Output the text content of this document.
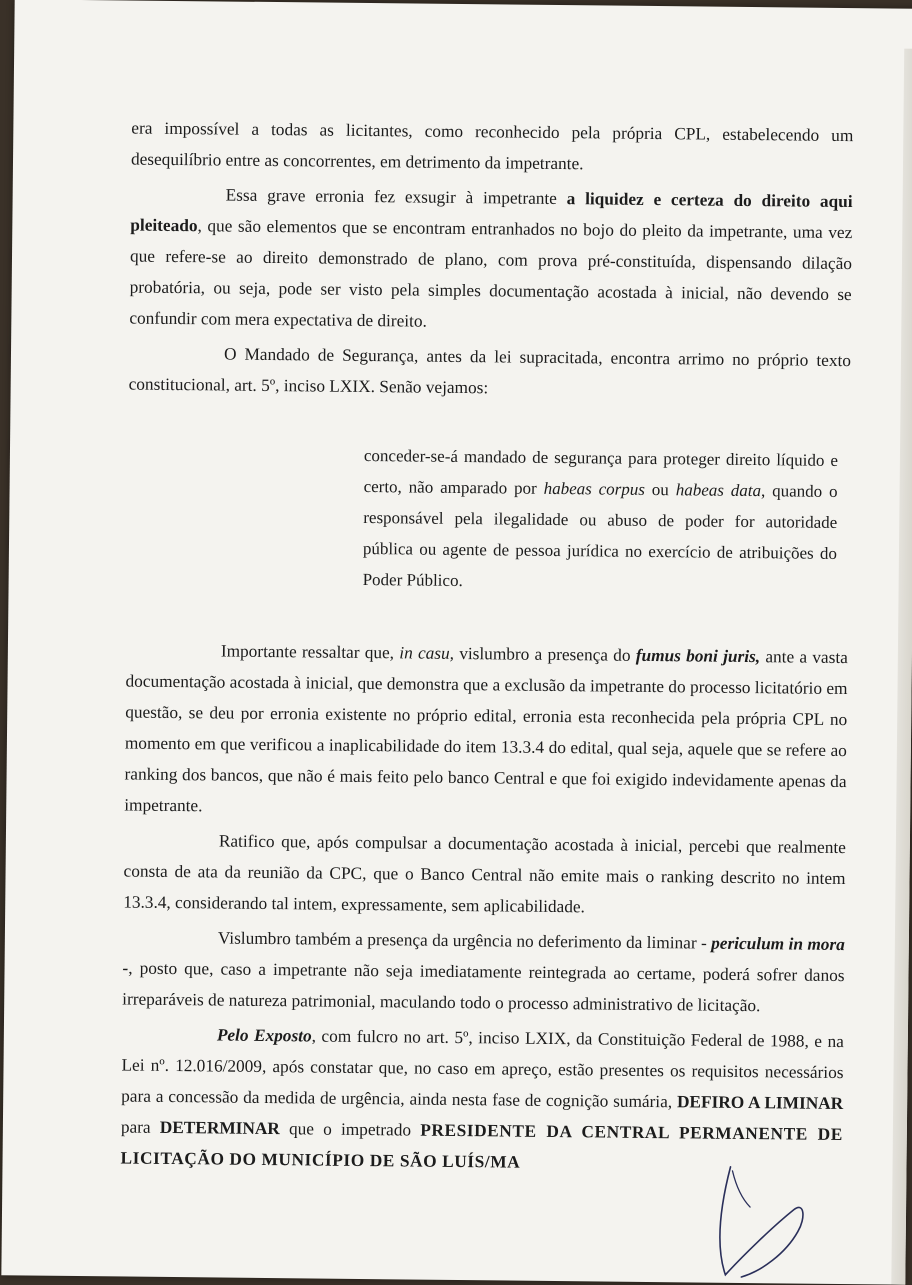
era impossível a todas as licitantes, como reconhecido pela própria CPL, estabelecendo um desequilíbrio entre as concorrentes, em detrimento da impetrante.

Essa grave erronia fez exsugir à impetrante a liquidez e certeza do direito aqui pleiteado, que são elementos que se encontram entranhados no bojo do pleito da impetrante, uma vez que refere-se ao direito demonstrado de plano, com prova pré-constituída, dispensando dilação probatória, ou seja, pode ser visto pela simples documentação acostada à inicial, não devendo se confundir com mera expectativa de direito.

O Mandado de Segurança, antes da lei supracitada, encontra arrimo no próprio texto constitucional, art. 5º, inciso LXIX. Senão vejamos:

conceder-se-á mandado de segurança para proteger direito líquido e certo, não amparado por habeas corpus ou habeas data, quando o responsável pela ilegalidade ou abuso de poder for autoridade pública ou agente de pessoa jurídica no exercício de atribuições do Poder Público.

Importante ressaltar que, in casu, vislumbro a presença do fumus boni juris, ante a vasta documentação acostada à inicial, que demonstra que a exclusão da impetrante do processo licitatório em questão, se deu por erronia existente no próprio edital, erronia esta reconhecida pela própria CPL no momento em que verificou a inaplicabilidade do item 13.3.4 do edital, qual seja, aquele que se refere ao ranking dos bancos, que não é mais feito pelo banco Central e que foi exigido indevidamente apenas da impetrante.

Ratifico que, após compulsar a documentação acostada à inicial, percebi que realmente consta de ata da reunião da CPC, que o Banco Central não emite mais o ranking descrito no intem 13.3.4, considerando tal intem, expressamente, sem aplicabilidade.

Vislumbro também a presença da urgência no deferimento da liminar - periculum in mora -, posto que, caso a impetrante não seja imediatamente reintegrada ao certame, poderá sofrer danos irreparáveis de natureza patrimonial, maculando todo o processo administrativo de licitação.

Pelo Exposto, com fulcro no art. 5º, inciso LXIX, da Constituição Federal de 1988, e na Lei nº. 12.016/2009, após constatar que, no caso em apreço, estão presentes os requisitos necessários para a concessão da medida de urgência, ainda nesta fase de cognição sumária, DEFIRO A LIMINAR para DETERMINAR que o impetrado PRESIDENTE DA CENTRAL PERMANENTE DE LICITAÇÃO DO MUNICÍPIO DE SÃO LUÍS/MA
